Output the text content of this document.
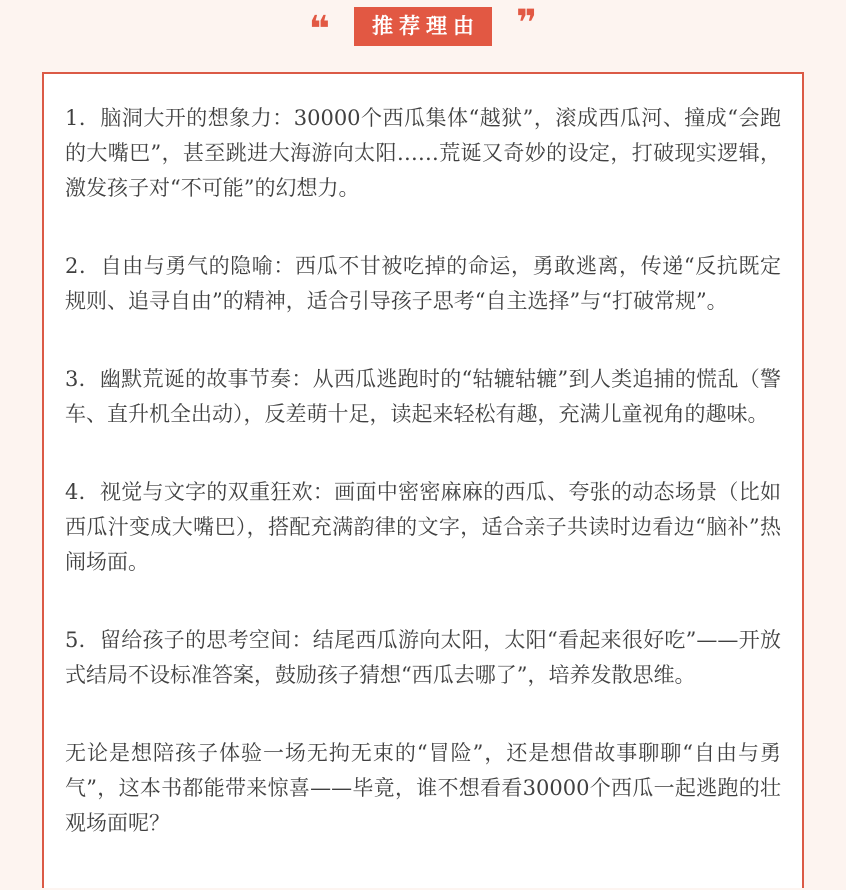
❝	推荐理由	❞

1．脑洞大开的想象力：30000个西瓜集体“越狱”，滚成西瓜河、撞成“会跑的大嘴巴”，甚至跳进大海游向太阳……荒诞又奇妙的设定，打破现实逻辑，激发孩子对“不可能”的幻想力。

2．自由与勇气的隐喻：西瓜不甘被吃掉的命运，勇敢逃离，传递“反抗既定规则、追寻自由”的精神，适合引导孩子思考“自主选择”与“打破常规”。

3．幽默荒诞的故事节奏：从西瓜逃跑时的“轱辘轱辘”到人类追捕的慌乱（警车、直升机全出动），反差萌十足，读起来轻松有趣，充满儿童视角的趣味。

4．视觉与文字的双重狂欢：画面中密密麻麻的西瓜、夸张的动态场景（比如西瓜汁变成大嘴巴），搭配充满韵律的文字，适合亲子共读时边看边“脑补”热闹场面。

5．留给孩子的思考空间：结尾西瓜游向太阳，太阳“看起来很好吃”——开放式结局不设标准答案，鼓励孩子猜想“西瓜去哪了”，培养发散思维。

无论是想陪孩子体验一场无拘无束的“冒险”，还是想借故事聊聊“自由与勇气”，这本书都能带来惊喜——毕竟，谁不想看看30000个西瓜一起逃跑的壮观场面呢？
